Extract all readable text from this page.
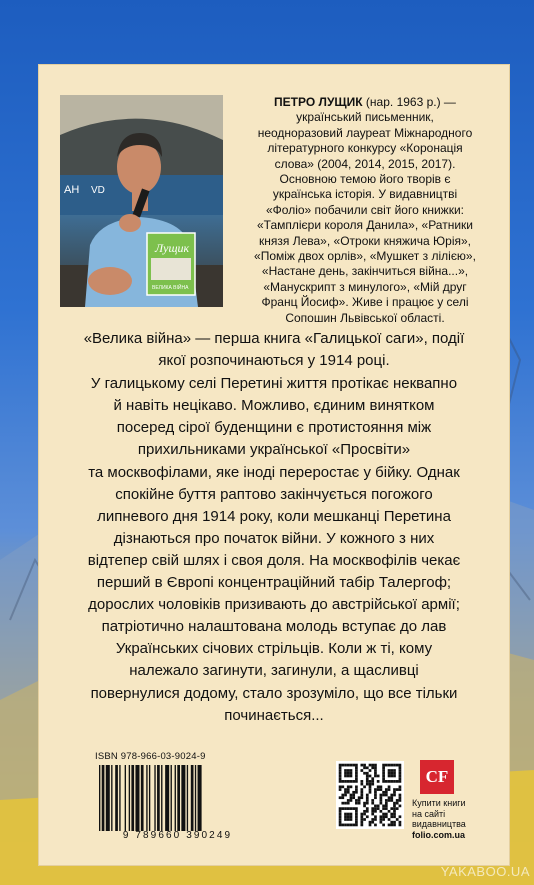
АН VD
Лущик
ВЕЛИКА ВІЙНА
ПЕТРО ЛУЩИК (нар. 1963 р.) —
український письменник,
неодноразовий лауреат Міжнародного
літературного конкурсу «Коронація
слова» (2004, 2014, 2015, 2017).
Основною темою його творів є
українська історія. У видавництві
«Фоліо» побачили світ його книжки:
«Тамплієри короля Данила», «Ратники
князя Лева», «Отроки княжича Юрія»,
«Поміж двох орлів», «Мушкет з лілією»,
«Настане день, закінчиться війна...»,
«Манускрипт з минулого», «Мій друг
Франц Йосиф». Живе і працює у селі
Сопошин Львівської області.

«Велика війна» — перша книга «Галицької саги», події
якої розпочинаються у 1914 році.

У галицькому селі Перетині життя протікає неквапно
й навіть нецікаво. Можливо, єдиним винятком
посеред сірої буденщини є протистояння між
прихильниками української «Просвіти»
та москвофілами, яке іноді переростає у бійку. Однак
спокійне буття раптово закінчується погожого
липневого дня 1914 року, коли мешканці Перетина
дізнаються про початок війни. У кожного з них
відтепер свій шлях і своя доля. На москвофілів чекає
перший в Європі концентраційний табір Талергоф;
дорослих чоловіків призивають до австрійської армії;
патріотично налаштована молодь вступає до лав
Українських січових стрільців. Коли ж ті, кому
належало загинути, загинули, а щасливці
повернулися додому, стало зрозуміло, що все тільки
починається...

ISBN 978-966-03-9024-9
9 789660 390249
CF
Купити книги
на сайті
видавництва
folio.com.ua
YAKABOO.UA
